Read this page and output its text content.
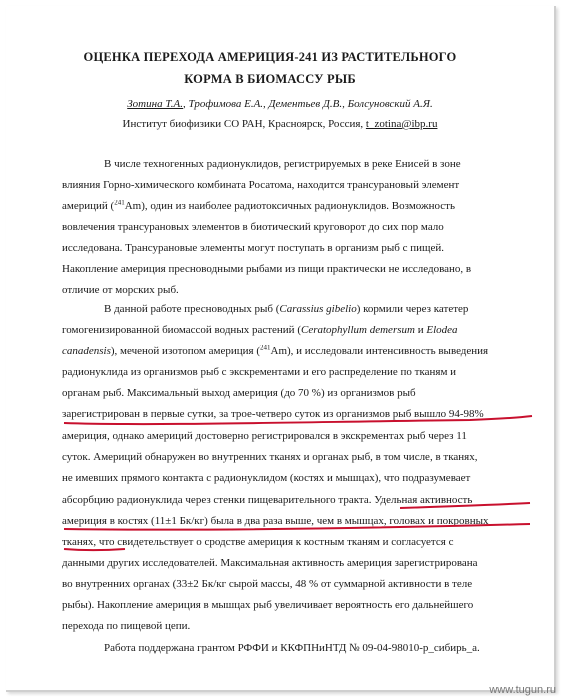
ОЦЕНКА ПЕРЕХОДА АМЕРИЦИЯ-241 ИЗ РАСТИТЕЛЬНОГО
КОРМА В БИОМАССУ РЫБ
Зотина Т.А., Трофимова Е.А., Дементьев Д.В., Болсуновский А.Я.
Институт биофизики СО РАН, Красноярск, Россия, t_zotina@ibp.ru
В числе техногенных радионуклидов, регистрируемых в реке Енисей в зоне
влияния Горно-химического комбината Росатома, находится трансурановый элемент
америций ($^{241}$Am), один из наиболее радиотоксичных радионуклидов. Возможность
вовлечения трансурановых элементов в биотический круговорот до сих пор мало
исследована. Трансурановые элементы могут поступать в организм рыб с пищей.
Накопление америция пресноводными рыбами из пищи практически не исследовано, в
отличие от морских рыб.
В данной работе пресноводных рыб (Carassius gibelio) кормили через катетер
гомогенизированной биомассой водных растений (Ceratophyllum demersum и Elodea
canadensis), меченой изотопом америция ($^{241}$Am), и исследовали интенсивность выведения
радионуклида из организмов рыб с экскрементами и его распределение по тканям и
органам рыб. Максимальный выход америция (до 70 %) из организмов рыб
зарегистрирован в первые сутки, за трое-четверо суток из организмов рыб вышло 94-98%
америция, однако америций достоверно регистрировался в экскрементах рыб через 11
суток. Америций обнаружен во внутренних тканях и органах рыб, в том числе, в тканях,
не имевших прямого контакта с радионуклидом (костях и мышцах), что подразумевает
абсорбцию радионуклида через стенки пищеварительного тракта. Удельная активность
америция в костях (11±1 Бк/кг) была в два раза выше, чем в мышцах, головах и покровных
тканях, что свидетельствует о сродстве америция к костным тканям и согласуется с
данными других исследователей. Максимальная активность америция зарегистрирована
во внутренних органах (33±2 Бк/кг сырой массы, 48 % от суммарной активности в теле
рыбы). Накопление америция в мышцах рыб увеличивает вероятность его дальнейшего
перехода по пищевой цепи.
Работа поддержана грантом РФФИ и ККФПНиНТД № 09-04-98010-р_сибирь_а.
www.tugun.ru
